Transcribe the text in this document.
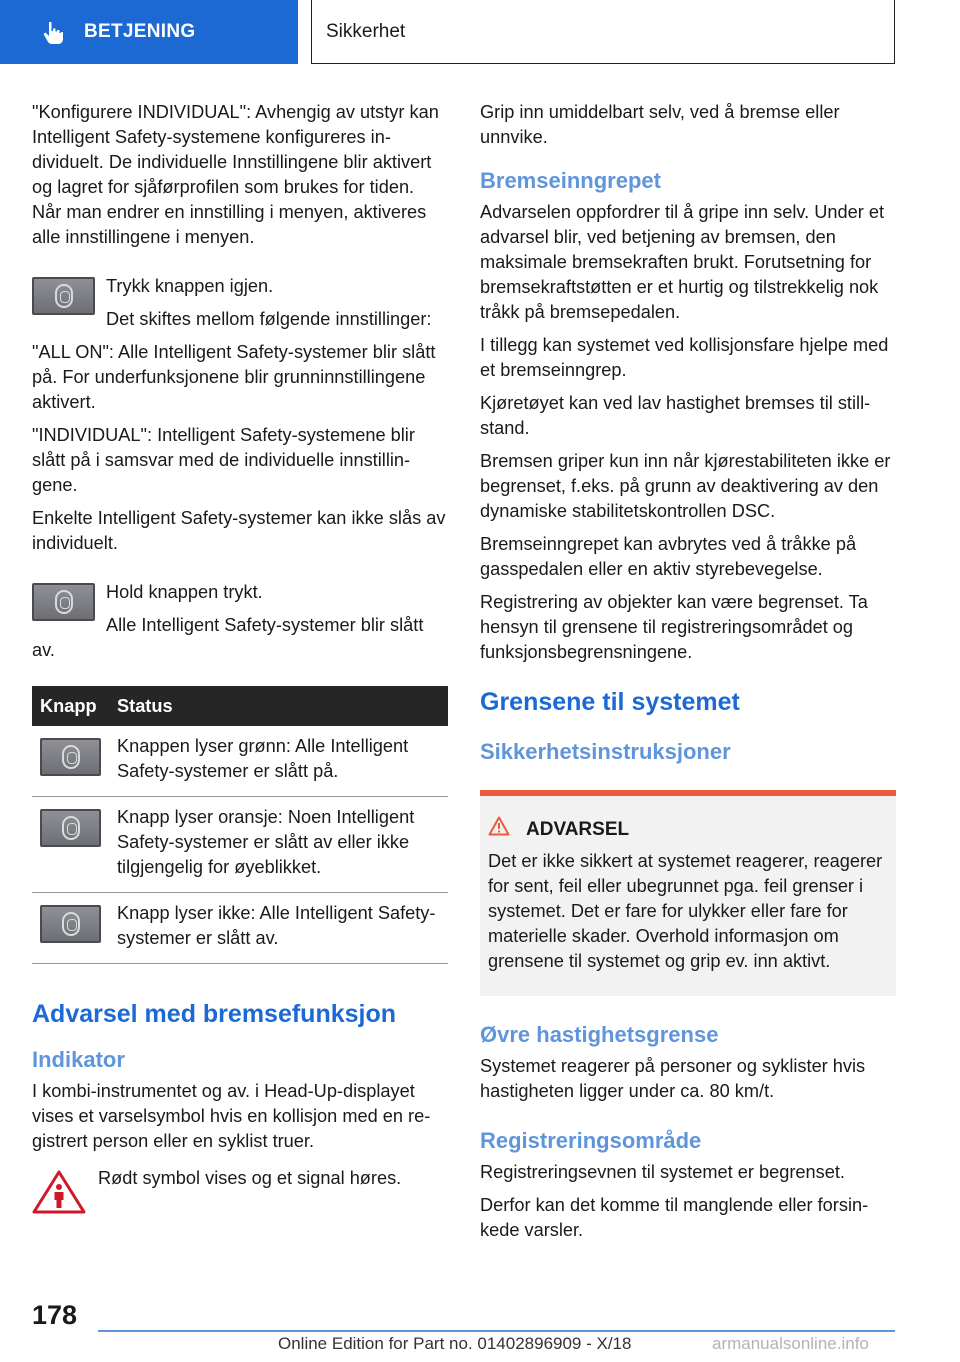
BETJENING	Sikkerhet

"Konfigurere INDIVIDUAL": Avhengig av utstyr kan Intelligent Safety-systemene konfigureres individuelt. De individuelle Innstillingene blir aktivert og lagret for sjåførprofilen som brukes for tiden. Når man endrer en innstilling i menyen, aktiveres alle innstillingene i menyen.

Trykk knappen igjen.

Det skiftes mellom følgende innstillinger:

"ALL ON": Alle Intelligent Safety-systemer blir slått på. For underfunksjonene blir grunninnstillingene aktivert.

"INDIVIDUAL": Intelligent Safety-systemene blir slått på i samsvar med de individuelle innstillingene.

Enkelte Intelligent Safety-systemer kan ikke slås av individuelt.

Hold knappen trykt.

Alle Intelligent Safety-systemer blir slått av.

Knapp	Status

	Knappen lyser grønn: Alle Intelligent Safety-systemer er slått på.

	Knapp lyser oransje: Noen Intelligent Safety-systemer er slått av eller ikke tilgjengelig for øyeblikket.

	Knapp lyser ikke: Alle Intelligent Safety-systemer er slått av.
Advarsel med bremsefunksjon
Indikator

I kombi-instrumentet og av. i Head-Up-displayet vises et varselsymbol hvis en kollisjon med en registrert person eller en syklist truer.

Rødt symbol vises og et signal høres.

Grip inn umiddelbart selv, ved å bremse eller unnvike.

Bremseinngrepet

Advarselen oppfordrer til å gripe inn selv. Under et advarsel blir, ved betjening av bremsen, den maksimale bremsekraften brukt. Forutsetning for bremsekraftstøtten er et hurtig og tilstrekkelig nok tråkk på bremsepedalen.

I tillegg kan systemet ved kollisjonsfare hjelpe med et bremseinngrep.

Kjøretøyet kan ved lav hastighet bremses til stillstand.

Bremsen griper kun inn når kjørestabiliteten ikke er begrenset, f.eks. på grunn av deaktivering av den dynamiske stabilitetskontrollen DSC.

Bremseinngrepet kan avbrytes ved å tråkke på gasspedalen eller en aktiv styrebevegelse.

Registrering av objekter kan være begrenset. Ta hensyn til grensene til registreringsområdet og funksjonsbegrensningene.

Grensene til systemet
Sikkerhetsinstruksjoner
ADVARSEL

Det er ikke sikkert at systemet reagerer, reagerer for sent, feil eller ubegrunnet pga. feil grenser i systemet. Det er fare for ulykker eller fare for materielle skader. Overhold informasjon om grensene til systemet og grip ev. inn aktivt.

Øvre hastighetsgrense

Systemet reagerer på personer og syklister hvis hastigheten ligger under ca. 80 km/t.

Registreringsområde

Registreringsevnen til systemet er begrenset.

Derfor kan det komme til manglende eller forsinkede varsler.

178
Online Edition for Part no. 01402896909 - X/18	armanualsonline.info
